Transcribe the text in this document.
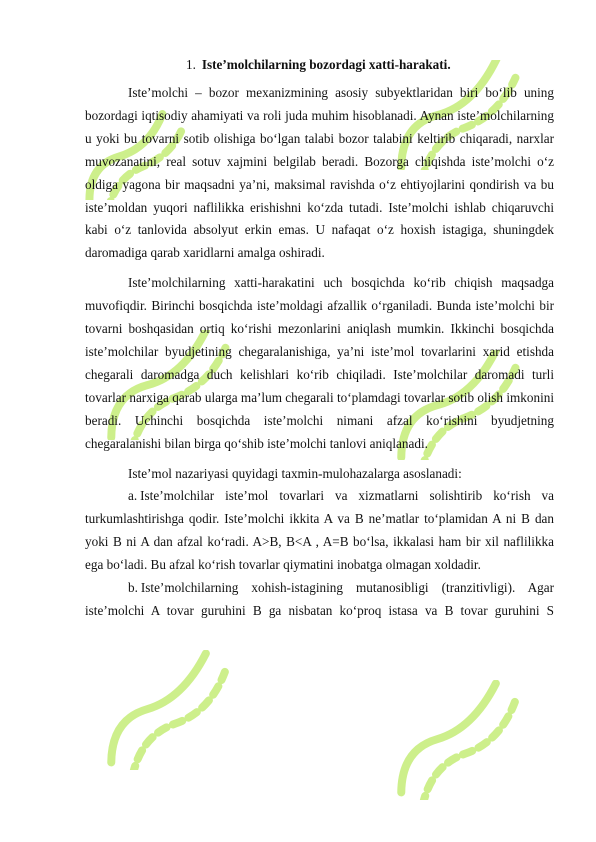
1. Iste’molchilarning bozordagi xatti-harakati.

Iste’molchi – bozor mexanizmining asosiy subyektlaridan biri bo‘lib uning bozordagi iqtisodiy ahamiyati va roli juda muhim hisoblanadi. Aynan iste’molchilarning u yoki bu tovarni sotib olishiga bo‘lgan talabi bozor talabini keltirib chiqaradi, narxlar muvozanatini, real sotuv xajmini belgilab beradi. Bozorga chiqishda iste’molchi o‘z oldiga yagona bir maqsadni ya’ni, maksimal ravishda o‘z ehtiyojlarini qondirish va bu iste’moldan yuqori naflilikka erishishni ko‘zda tutadi. Iste’molchi ishlab chiqaruvchi kabi o‘z tanlovida absolyut erkin emas. U nafaqat o‘z hoxish istagiga, shuningdek daromadiga qarab xaridlarni amalga oshiradi.

Iste’molchilarning xatti-harakatini uch bosqichda ko‘rib chiqish maqsadga muvofiqdir. Birinchi bosqichda iste’moldagi afzallik o‘rganiladi. Bunda iste’molchi bir tovarni boshqasidan ortiq ko‘rishi mezonlarini aniqlash mumkin. Ikkinchi bosqichda iste’molchilar byudjetining chegaralanishiga, ya’ni iste’mol tovarlarini xarid etishda chegarali daromadga duch kelishlari ko‘rib chiqiladi. Iste’molchilar daromadi turli tovarlar narxiga qarab ularga ma’lum chegarali to‘plamdagi tovarlar sotib olish imkonini beradi. Uchinchi bosqichda iste’molchi nimani afzal ko‘rishini byudjetning chegaralanishi bilan birga qo‘shib iste’molchi tanlovi aniqlanadi.

Iste’mol nazariyasi quyidagi taxmin-mulohazalarga asoslanadi:

a. Iste’molchilar iste’mol tovarlari va xizmatlarni solishtirib ko‘rish va turkumlashtirishga qodir. Iste’molchi ikkita A va B ne’matlar to‘plamidan A ni B dan yoki B ni A dan afzal ko‘radi. A>B, B<A , A=B bo‘lsa, ikkalasi ham bir xil naflilikka ega bo‘ladi. Bu afzal ko‘rish tovarlar qiymatini inobatga olmagan xoldadir.

b. Iste’molchilarning xohish-istagining mutanosibligi (tranzitivligi). Agar iste’molchi A tovar guruhini B ga nisbatan ko‘proq istasa va B tovar guruhini S
